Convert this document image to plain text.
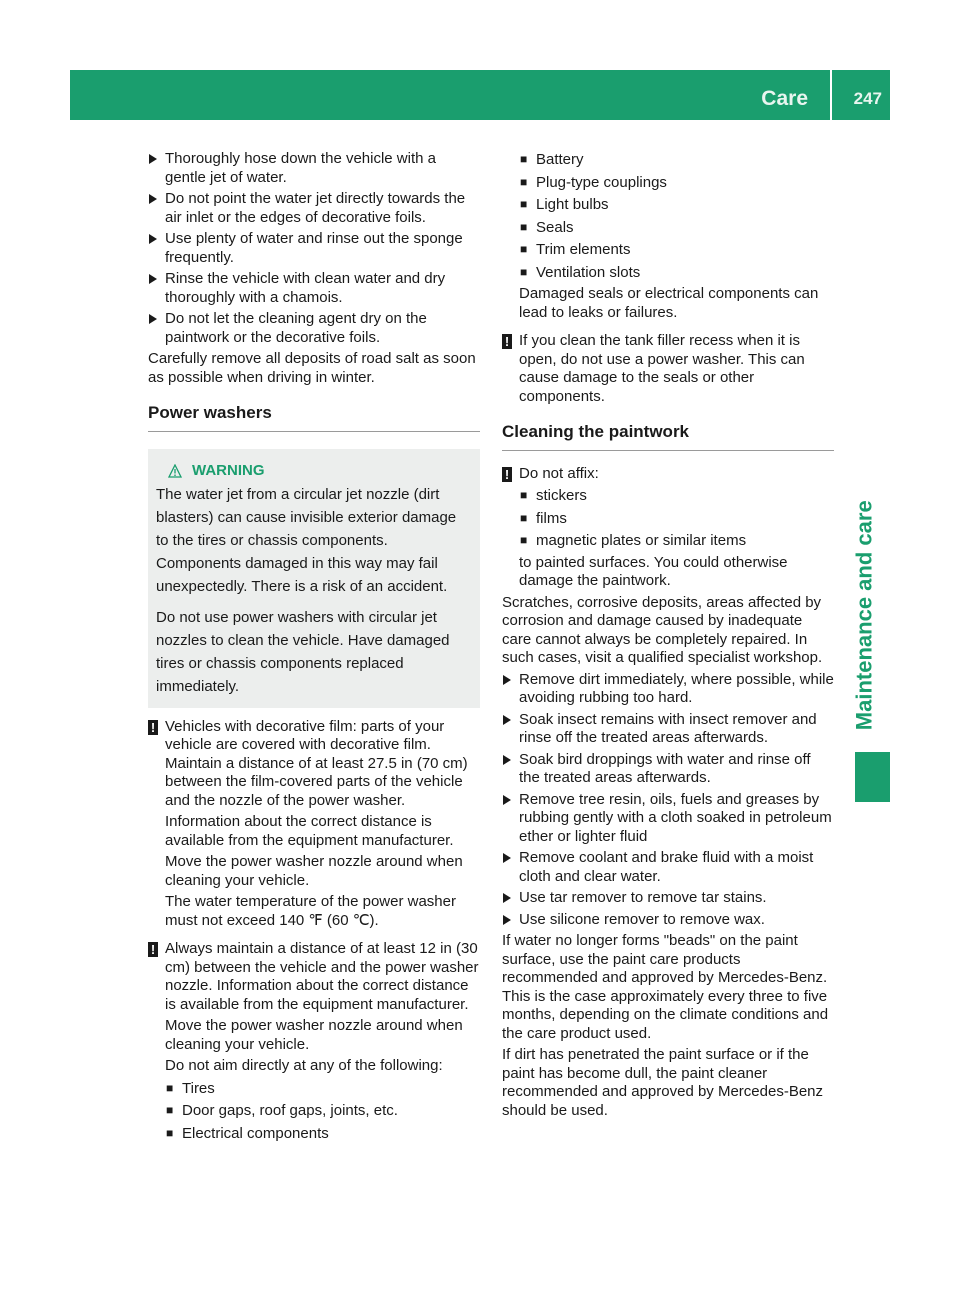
Care	247
Maintenance and care
Thoroughly hose down the vehicle with a gentle jet of water.
Do not point the water jet directly towards the air inlet or the edges of decorative foils.
Use plenty of water and rinse out the sponge frequently.
Rinse the vehicle with clean water and dry thoroughly with a chamois.
Do not let the cleaning agent dry on the paintwork or the decorative foils.

Carefully remove all deposits of road salt as soon as possible when driving in winter.

Power washers
WARNING

The water jet from a circular jet nozzle (dirt blasters) can cause invisible exterior damage to the tires or chassis components. Components damaged in this way may fail unexpectedly. There is a risk of an accident.

Do not use power washers with circular jet nozzles to clean the vehicle. Have damaged tires or chassis components replaced immediately.

! Vehicles with decorative film: parts of your vehicle are covered with decorative film. Maintain a distance of at least 27.5 in (70 cm) between the film-covered parts of the vehicle and the nozzle of the power washer.

Information about the correct distance is available from the equipment manufacturer.

Move the power washer nozzle around when cleaning your vehicle.

The water temperature of the power washer must not exceed 140 ℉ (60 ℃).

! Always maintain a distance of at least 12 in (30 cm) between the vehicle and the power washer nozzle. Information about the correct distance is available from the equipment manufacturer.

Move the power washer nozzle around when cleaning your vehicle.

Do not aim directly at any of the following:

■ Tires
■ Door gaps, roof gaps, joints, etc.
■ Electrical components
■ Battery
■ Plug-type couplings
■ Light bulbs
■ Seals
■ Trim elements
■ Ventilation slots

Damaged seals or electrical components can lead to leaks or failures.

! If you clean the tank filler recess when it is open, do not use a power washer. This can cause damage to the seals or other components.

Cleaning the paintwork
! Do not affix:

■ stickers
■ films
■ magnetic plates or similar items

to painted surfaces. You could otherwise damage the paintwork.

Scratches, corrosive deposits, areas affected by corrosion and damage caused by inadequate care cannot always be completely repaired. In such cases, visit a qualified specialist workshop.

Remove dirt immediately, where possible, while avoiding rubbing too hard.
Soak insect remains with insect remover and rinse off the treated areas afterwards.
Soak bird droppings with water and rinse off the treated areas afterwards.
Remove tree resin, oils, fuels and greases by rubbing gently with a cloth soaked in petroleum ether or lighter fluid
Remove coolant and brake fluid with a moist cloth and clear water.
Use tar remover to remove tar stains.
Use silicone remover to remove wax.

If water no longer forms "beads" on the paint surface, use the paint care products recommended and approved by Mercedes-Benz. This is the case approximately every three to five months, depending on the climate conditions and the care product used.

If dirt has penetrated the paint surface or if the paint has become dull, the paint cleaner recommended and approved by Mercedes-Benz should be used.
